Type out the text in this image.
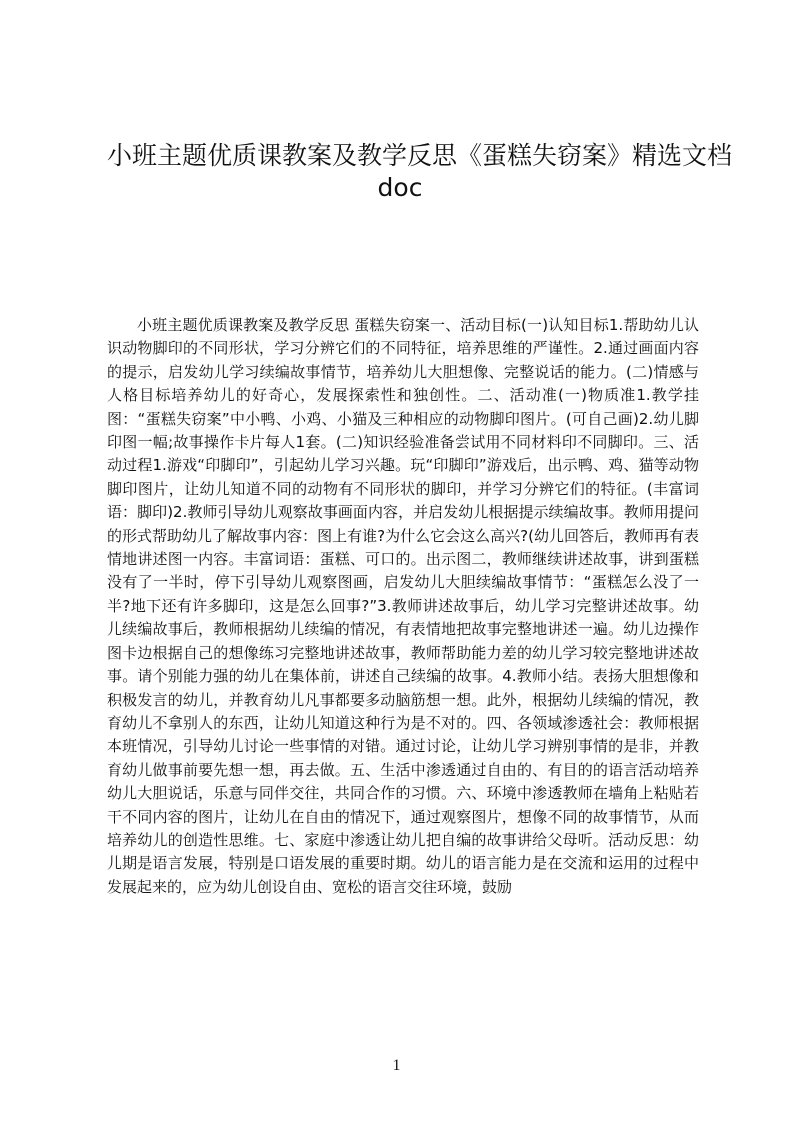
小班主题优质课教案及教学反思《蛋糕失窃案》精选文档
doc

小班主题优质课教案及教学反思 蛋糕失窃案一、活动目标(一)认知目标1.帮助幼儿认识动物脚印的不同形状，学习分辨它们的不同特征，培养思维的严谨性。2.通过画面内容的提示，启发幼儿学习续编故事情节，培养幼儿大胆想像、完整说话的能力。(二)情感与人格目标培养幼儿的好奇心，发展探索性和独创性。二、活动准(一)物质准1.教学挂图：“蛋糕失窃案”中小鸭、小鸡、小猫及三种相应的动物脚印图片。(可自己画)2.幼儿脚印图一幅;故事操作卡片每人1套。(二)知识经验准备尝试用不同材料印不同脚印。三、活动过程1.游戏“印脚印”，引起幼儿学习兴趣。玩“印脚印”游戏后，出示鸭、鸡、猫等动物脚印图片，让幼儿知道不同的动物有不同形状的脚印，并学习分辨它们的特征。(丰富词语：脚印)2.教师引导幼儿观察故事画面内容，并启发幼儿根据提示续编故事。教师用提问的形式帮助幼儿了解故事内容：图上有谁?为什么它会这么高兴?(幼儿回答后，教师再有表情地讲述图一内容。丰富词语：蛋糕、可口的。出示图二，教师继续讲述故事，讲到蛋糕没有了一半时，停下引导幼儿观察图画，启发幼儿大胆续编故事情节：“蛋糕怎么没了一半?地下还有许多脚印，这是怎么回事?”3.教师讲述故事后，幼儿学习完整讲述故事。幼儿续编故事后，教师根据幼儿续编的情况，有表情地把故事完整地讲述一遍。幼儿边操作图卡边根据自己的想像练习完整地讲述故事，教师帮助能力差的幼儿学习较完整地讲述故事。请个别能力强的幼儿在集体前，讲述自己续编的故事。4.教师小结。表扬大胆想像和积极发言的幼儿，并教育幼儿凡事都要多动脑筋想一想。此外，根据幼儿续编的情况，教育幼儿不拿别人的东西，让幼儿知道这种行为是不对的。四、各领域渗透社会：教师根据本班情况，引导幼儿讨论一些事情的对错。通过讨论，让幼儿学习辨别事情的是非，并教育幼儿做事前要先想一想，再去做。五、生活中渗透通过自由的、有目的的语言活动培养幼儿大胆说话，乐意与同伴交往，共同合作的习惯。六、环境中渗透教师在墙角上粘贴若干不同内容的图片，让幼儿在自由的情况下，通过观察图片，想像不同的故事情节，从而培养幼儿的创造性思维。七、家庭中渗透让幼儿把自编的故事讲给父母听。活动反思：幼儿期是语言发展，特别是口语发展的重要时期。幼儿的语言能力是在交流和运用的过程中发展起来的，应为幼儿创设自由、宽松的语言交往环境，鼓励

1
